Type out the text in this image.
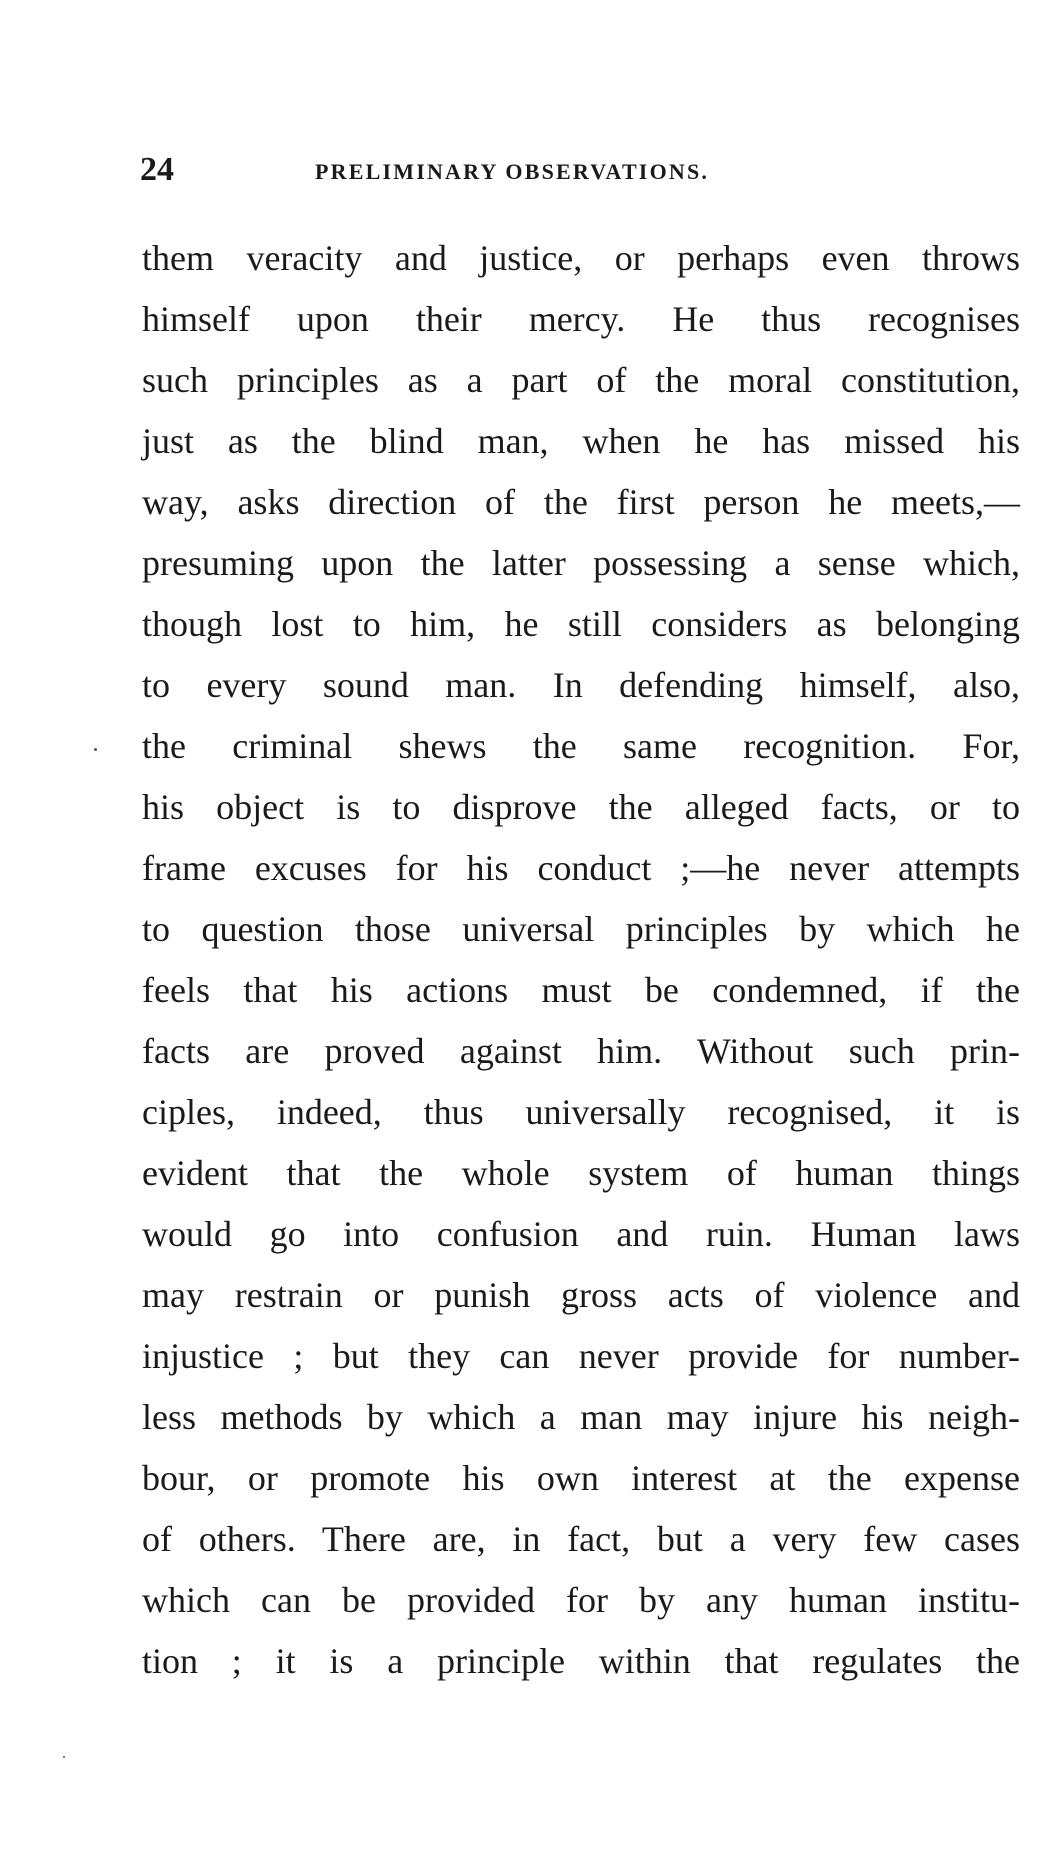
24	PRELIMINARY OBSERVATIONS.
them veracity and justice, or perhaps even throws
himself upon their mercy. He thus recognises
such principles as a part of the moral constitution,
just as the blind man, when he has missed his
way, asks direction of the first person he meets,—
presuming upon the latter possessing a sense which,
though lost to him, he still considers as belonging
to every sound man. In defending himself, also,
the criminal shews the same recognition. For,
his object is to disprove the alleged facts, or to
frame excuses for his conduct ;—he never attempts
to question those universal principles by which he
feels that his actions must be condemned, if the
facts are proved against him. Without such prin-
ciples, indeed, thus universally recognised, it is
evident that the whole system of human things
would go into confusion and ruin. Human laws
may restrain or punish gross acts of violence and
injustice ; but they can never provide for number-
less methods by which a man may injure his neigh-
bour, or promote his own interest at the expense
of others. There are, in fact, but a very few cases
which can be provided for by any human institu-
tion ; it is a principle within that regulates the
